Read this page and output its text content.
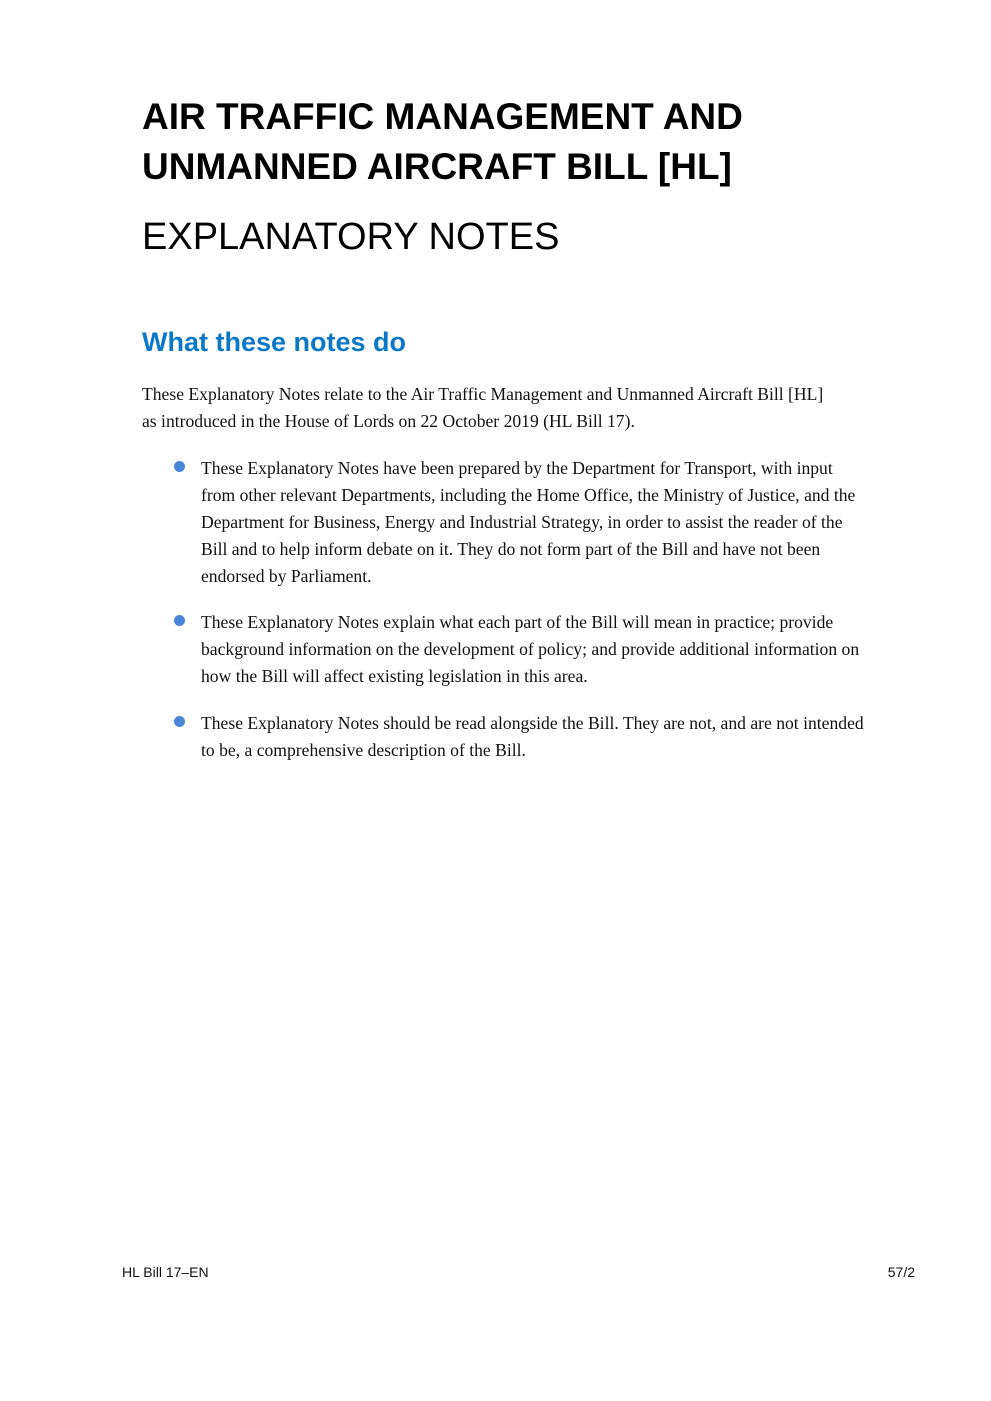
AIR TRAFFIC MANAGEMENT AND
UNMANNED AIRCRAFT BILL [HL]
EXPLANATORY NOTES
What these notes do
These Explanatory Notes relate to the Air Traffic Management and Unmanned Aircraft Bill [HL]
as introduced in the House of Lords on 22 October 2019 (HL Bill 17).
These Explanatory Notes have been prepared by the Department for Transport, with input
from other relevant Departments, including the Home Office, the Ministry of Justice, and the
Department for Business, Energy and Industrial Strategy, in order to assist the reader of the
Bill and to help inform debate on it. They do not form part of the Bill and have not been
endorsed by Parliament.
These Explanatory Notes explain what each part of the Bill will mean in practice; provide
background information on the development of policy; and provide additional information on
how the Bill will affect existing legislation in this area.
These Explanatory Notes should be read alongside the Bill. They are not, and are not intended
to be, a comprehensive description of the Bill.
HL Bill 17–EN	57/2
